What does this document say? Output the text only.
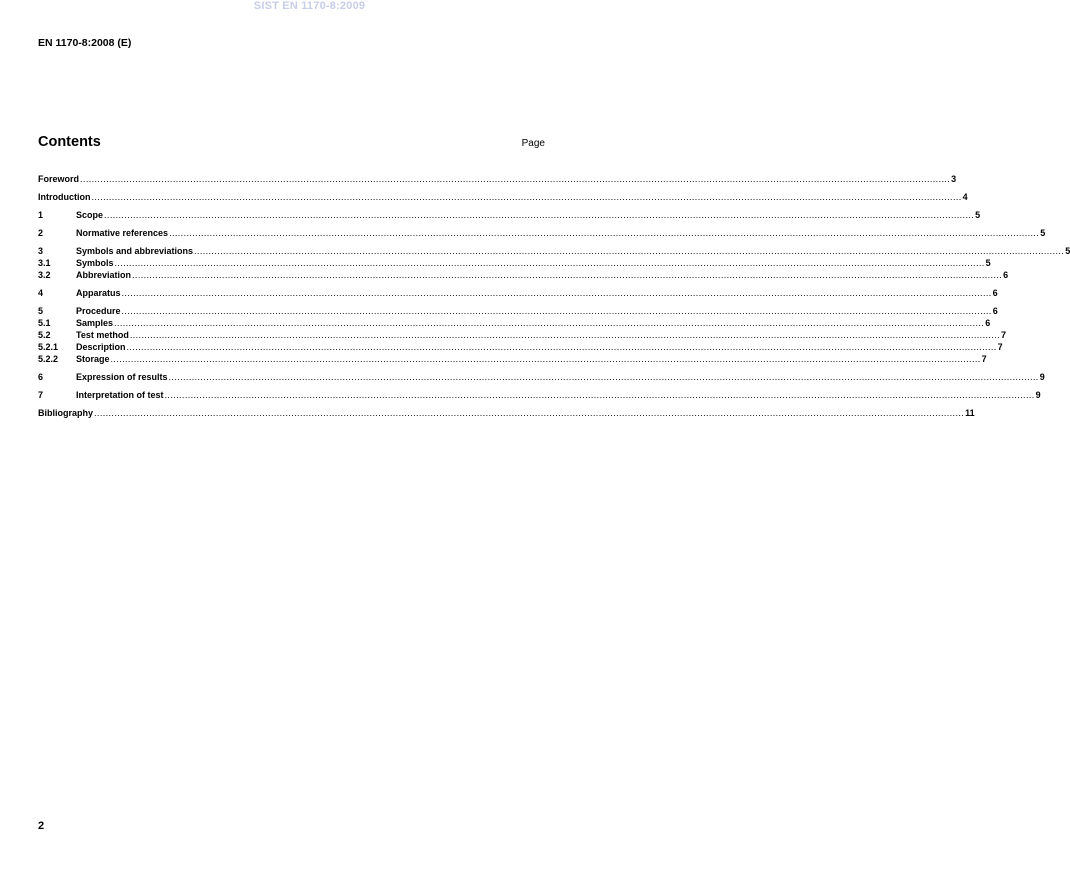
SIST EN 1170-8:2009
EN 1170-8:2008 (E)
Contents	Page
Foreword ............................................................................................................................................................................................................................................................................................................ 3
Introduction ............................................................................................................................................................................................................................................................................................................ 4
1	Scope ............................................................................................................................................................................................................................................................................................................ 5
2	Normative references ............................................................................................................................................................................................................................................................................................................ 5
3	Symbols and abbreviations ............................................................................................................................................................................................................................................................................................................ 5
3.1	Symbols ............................................................................................................................................................................................................................................................................................................ 5
3.2	Abbreviation ............................................................................................................................................................................................................................................................................................................ 6
4	Apparatus ............................................................................................................................................................................................................................................................................................................ 6
5	Procedure ............................................................................................................................................................................................................................................................................................................ 6
5.1	Samples ............................................................................................................................................................................................................................................................................................................ 6
5.2	Test method ............................................................................................................................................................................................................................................................................................................ 7
5.2.1	Description ............................................................................................................................................................................................................................................................................................................ 7
5.2.2	Storage ............................................................................................................................................................................................................................................................................................................ 7
6	Expression of results ............................................................................................................................................................................................................................................................................................................ 9
7	Interpretation of test ............................................................................................................................................................................................................................................................................................................ 9
Bibliography ............................................................................................................................................................................................................................................................................................................ 11
2
